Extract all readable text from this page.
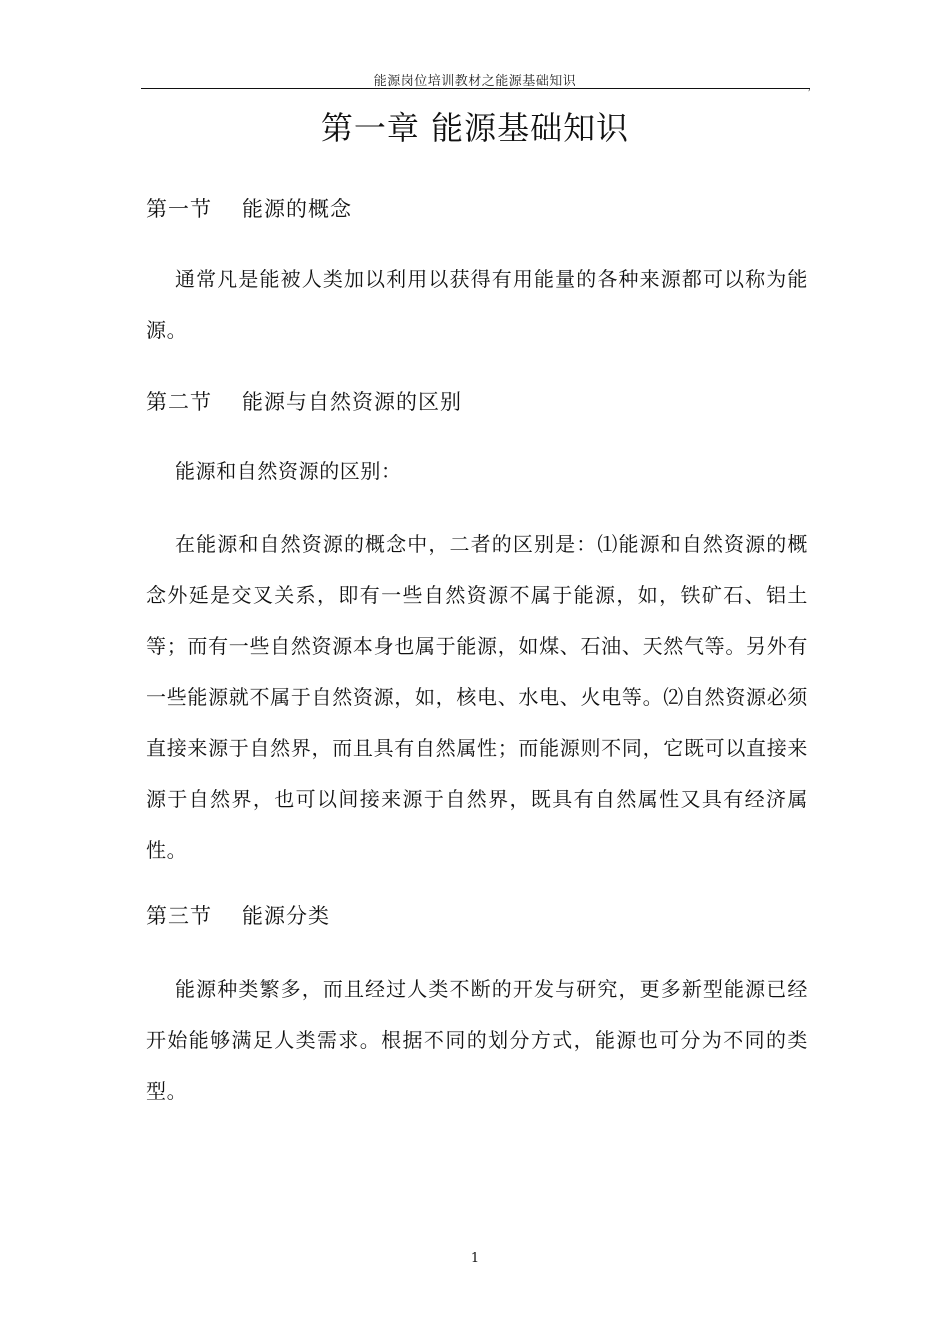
能源岗位培训教材之能源基础知识	,
第一章 能源基础知识
第一节 能源的概念

通常凡是能被人类加以利用以获得有用能量的各种来源都可以称为能源。

第二节 能源与自然资源的区别

能源和自然资源的区别：

在能源和自然资源的概念中，二者的区别是：⑴能源和自然资源的概念外延是交叉关系，即有一些自然资源不属于能源，如，铁矿石、铝土等；而有一些自然资源本身也属于能源，如煤、石油、天然气等。另外有一些能源就不属于自然资源，如，核电、水电、火电等。⑵自然资源必须直接来源于自然界，而且具有自然属性；而能源则不同，它既可以直接来源于自然界，也可以间接来源于自然界，既具有自然属性又具有经济属性。

第三节 能源分类

能源种类繁多，而且经过人类不断的开发与研究，更多新型能源已经开始能够满足人类需求。根据不同的划分方式，能源也可分为不同的类型。

1
